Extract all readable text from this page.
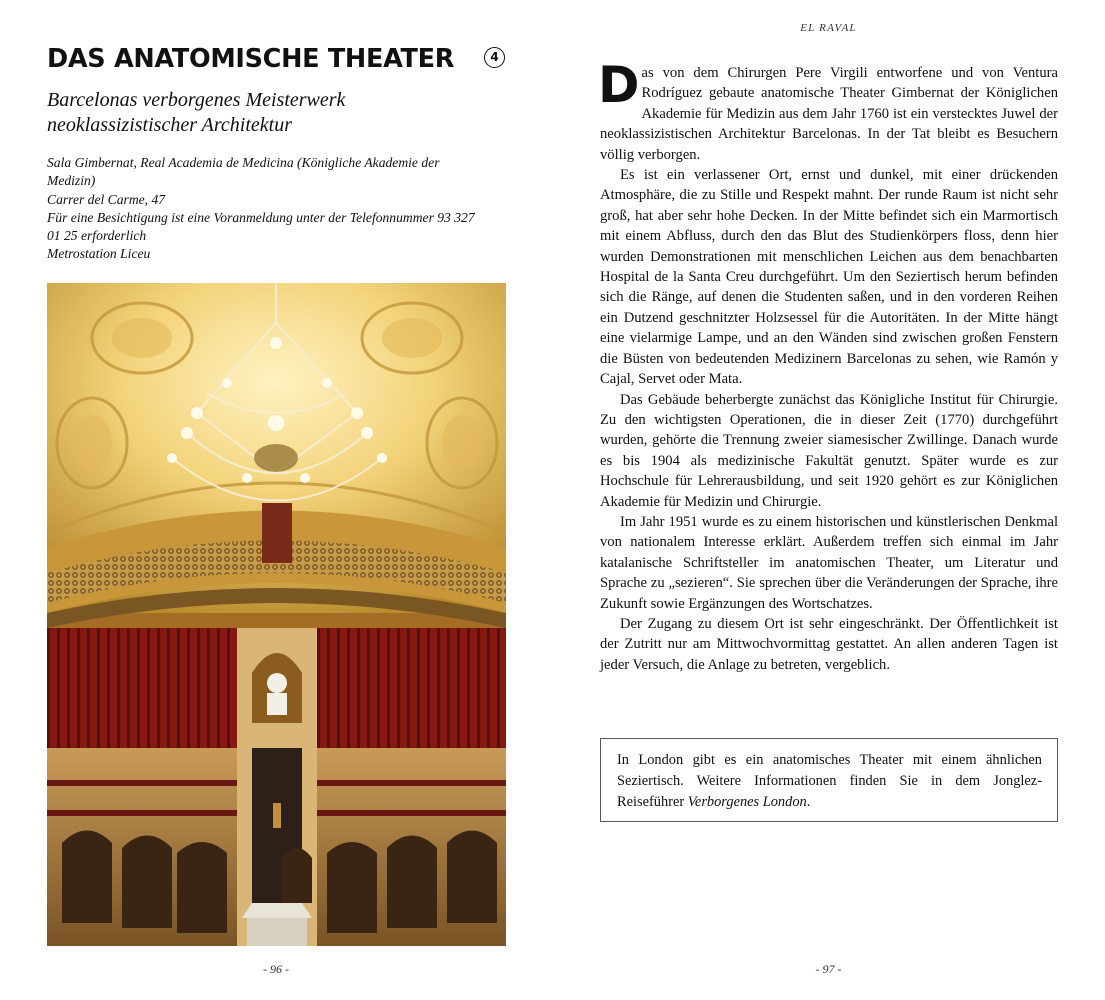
DAS ANATOMISCHE THEATER	4
Barcelonas verborgenes Meisterwerk neoklassizistischer Architektur
Sala Gimbernat, Real Academia de Medicina (Königliche Akademie der Medizin)
Carrer del Carme, 47
Für eine Besichtigung ist eine Voranmeldung unter der Telefonnummer 93 327 01 25 erforderlich
Metrostation Liceu
- 96 -
EL RAVAL

Das von dem Chirurgen Pere Virgili entworfene und von Ventura Rodríguez gebaute anatomische Theater Gimbernat der Königlichen Akademie für Medizin aus dem Jahr 1760 ist ein verstecktes Juwel der neoklassizistischen Architektur Barcelonas. In der Tat bleibt es Besuchern völlig verborgen.

Es ist ein verlassener Ort, ernst und dunkel, mit einer drückenden Atmosphäre, die zu Stille und Respekt mahnt. Der runde Raum ist nicht sehr groß, hat aber sehr hohe Decken. In der Mitte befindet sich ein Marmortisch mit einem Abfluss, durch den das Blut des Studienkörpers floss, denn hier wurden Demonstrationen mit menschlichen Leichen aus dem benachbarten Hospital de la Santa Creu durchgeführt. Um den Seziertisch herum befinden sich die Ränge, auf denen die Studenten saßen, und in den vorderen Reihen ein Dutzend geschnitzter Holzsessel für die Autoritäten. In der Mitte hängt eine vielarmige Lampe, und an den Wänden sind zwischen großen Fenstern die Büsten von bedeutenden Medizinern Barcelonas zu sehen, wie Ramón y Cajal, Servet oder Mata.

Das Gebäude beherbergte zunächst das Königliche Institut für Chirurgie. Zu den wichtigsten Operationen, die in dieser Zeit (1770) durchgeführt wurden, gehörte die Trennung zweier siamesischer Zwillinge. Danach wurde es bis 1904 als medizinische Fakultät genutzt. Später wurde es zur Hochschule für Lehrerausbildung, und seit 1920 gehört es zur Königlichen Akademie für Medizin und Chirurgie.

Im Jahr 1951 wurde es zu einem historischen und künstlerischen Denkmal von nationalem Interesse erklärt. Außerdem treffen sich einmal im Jahr katalanische Schriftsteller im anatomischen Theater, um Literatur und Sprache zu „sezieren“. Sie sprechen über die Veränderungen der Sprache, ihre Zukunft sowie Ergänzungen des Wortschatzes.

Der Zugang zu diesem Ort ist sehr eingeschränkt. Der Öffentlichkeit ist der Zutritt nur am Mittwochvormittag gestattet. An allen anderen Tagen ist jeder Versuch, die Anlage zu betreten, vergeblich.

In London gibt es ein anatomisches Theater mit einem ähnlichen Seziertisch. Weitere Informationen finden Sie in dem Jonglez-Reiseführer Verborgenes London.
- 97 -
